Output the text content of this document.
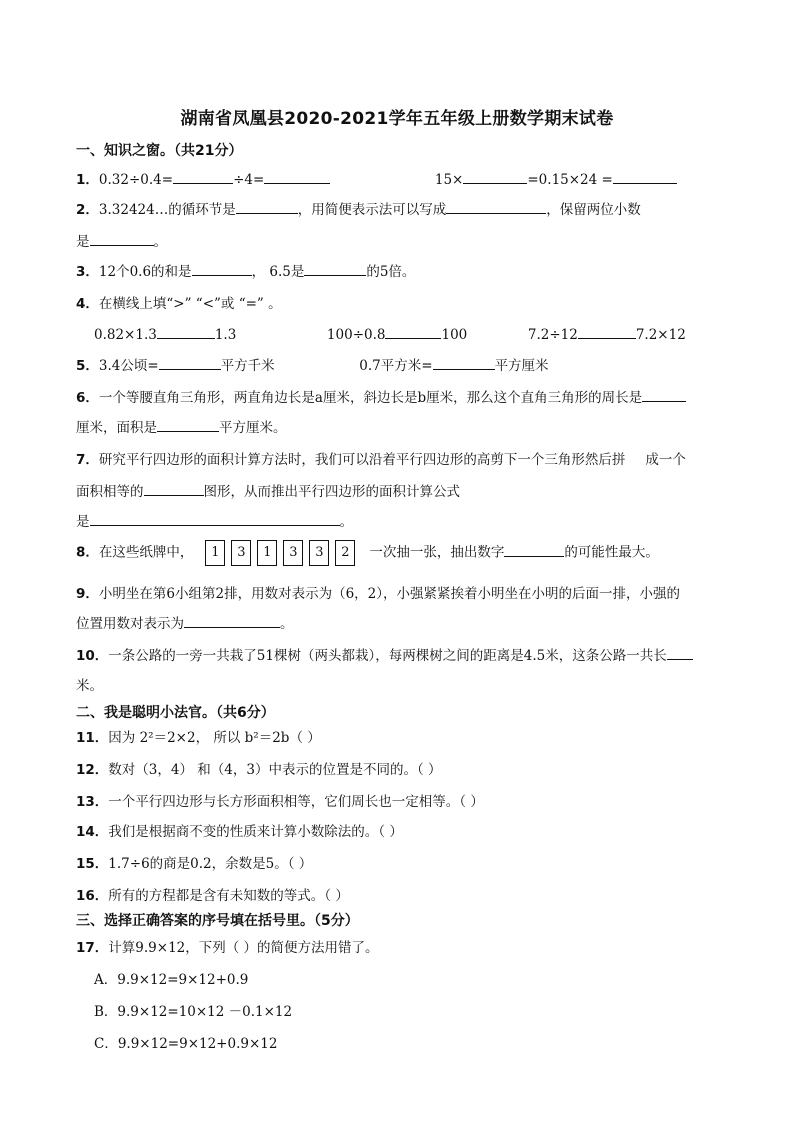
湖南省凤凰县2020-2021学年五年级上册数学期末试卷
一、知识之窗。（共21分）
1．0.32÷0.4=	÷4=	15×	=0.15×24 =
2．3.32424…的循环节是	，用简便表示法可以写成	，保留两位小数
是	。
3．12个0.6的和是	， 6.5是	的5倍。
4．在横线上填“>” “<”或 “=” 。
0.82×1.3	1.3	100÷0.8	100	7.2÷12	7.2×12
5．3.4公顷=	平方千米	0.7平方米=	平方厘米
6．一个等腰直角三角形，两直角边长是a厘米，斜边长是b厘米，那么这个直角三角形的周长是
厘米，面积是	平方厘米。
7．研究平行四边形的面积计算方法时，我们可以沿着平行四边形的高剪下一个三角形然后拼 成一个
面积相等的	图形，从而推出平行四边形的面积计算公式
是	。
8．在这些纸牌中， 1 3 1 3 3 2 一次抽一张，抽出数字	的可能性最大。
9．小明坐在第6小组第2排，用数对表示为（6，2），小强紧紧挨着小明坐在小明的后面一排，小强的
位置用数对表示为	。
10．一条公路的一旁一共栽了51棵树（两头都栽），每两棵树之间的距离是4.5米，这条公路一共长
米。
二、我是聪明小法官。（共6分）
11．因为 2²＝2×2， 所以 b²＝2b（ ）
12．数对（3，4） 和（4，3）中表示的位置是不同的。（ ）
13．一个平行四边形与长方形面积相等，它们周长也一定相等。（ ）
14．我们是根据商不变的性质来计算小数除法的。（ ）
15．1.7÷6的商是0.2，余数是5。（ ）
16．所有的方程都是含有未知数的等式。（ ）
三、选择正确答案的序号填在括号里。（5分）
17．计算9.9×12，下列（ ）的简便方法用错了。
A．9.9×12=9×12+0.9
B．9.9×12=10×12 －0.1×12
C．9.9×12=9×12+0.9×12
